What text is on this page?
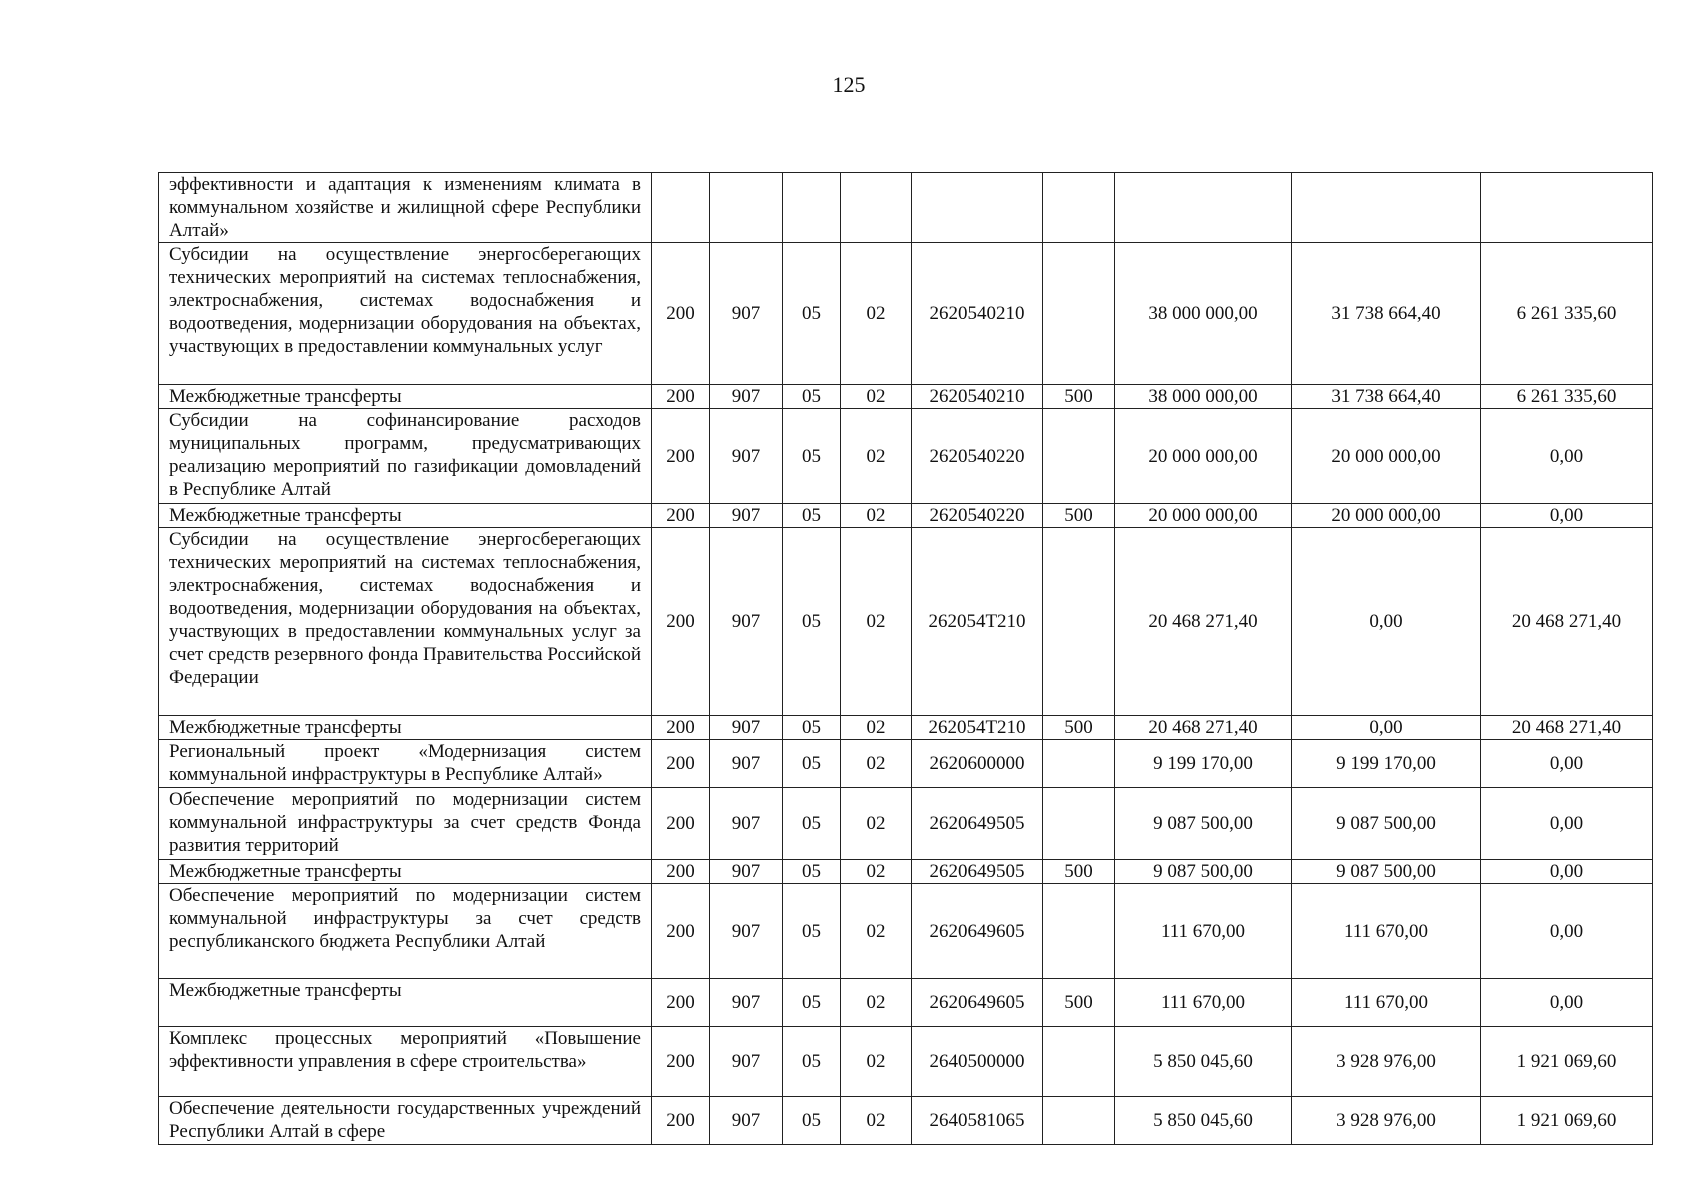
125
эффективности и адаптация к изменениям климата в коммунальном хозяйстве и жилищной сфере Республики Алтай»									
Субсидии на осуществление энергосберегающих технических мероприятий на системах теплоснабжения, электроснабжения, системах водоснабжения и водоотведения, модернизации оборудования на объектах, участвующих в предоставлении коммунальных услуг	200	907	05	02	2620540210		38 000 000,00	31 738 664,40	6 261 335,60
Межбюджетные трансферты	200	907	05	02	2620540210	500	38 000 000,00	31 738 664,40	6 261 335,60
Субсидии на софинансирование расходов муниципальных программ, предусматривающих реализацию мероприятий по газификации домовладений в Республике Алтай	200	907	05	02	2620540220		20 000 000,00	20 000 000,00	0,00
Межбюджетные трансферты	200	907	05	02	2620540220	500	20 000 000,00	20 000 000,00	0,00
Субсидии на осуществление энергосберегающих технических мероприятий на системах теплоснабжения, электроснабжения, системах водоснабжения и водоотведения, модернизации оборудования на объектах, участвующих в предоставлении коммунальных услуг за счет средств резервного фонда Правительства Российской Федерации	200	907	05	02	262054Т210		20 468 271,40	0,00	20 468 271,40
Межбюджетные трансферты	200	907	05	02	262054Т210	500	20 468 271,40	0,00	20 468 271,40
Региональный проект «Модернизация систем коммунальной инфраструктуры в Республике Алтай»	200	907	05	02	2620600000		9 199 170,00	9 199 170,00	0,00
Обеспечение мероприятий по модернизации систем коммунальной инфраструктуры за счет средств Фонда развития территорий	200	907	05	02	2620649505		9 087 500,00	9 087 500,00	0,00
Межбюджетные трансферты	200	907	05	02	2620649505	500	9 087 500,00	9 087 500,00	0,00
Обеспечение мероприятий по модернизации систем коммунальной инфраструктуры за счет средств республиканского бюджета Республики Алтай	200	907	05	02	2620649605		111 670,00	111 670,00	0,00
Межбюджетные трансферты	200	907	05	02	2620649605	500	111 670,00	111 670,00	0,00
Комплекс процессных мероприятий «Повышение эффективности управления в сфере строительства»	200	907	05	02	2640500000		5 850 045,60	3 928 976,00	1 921 069,60
Обеспечение деятельности государственных учреждений Республики Алтай в сфере	200	907	05	02	2640581065		5 850 045,60	3 928 976,00	1 921 069,60
